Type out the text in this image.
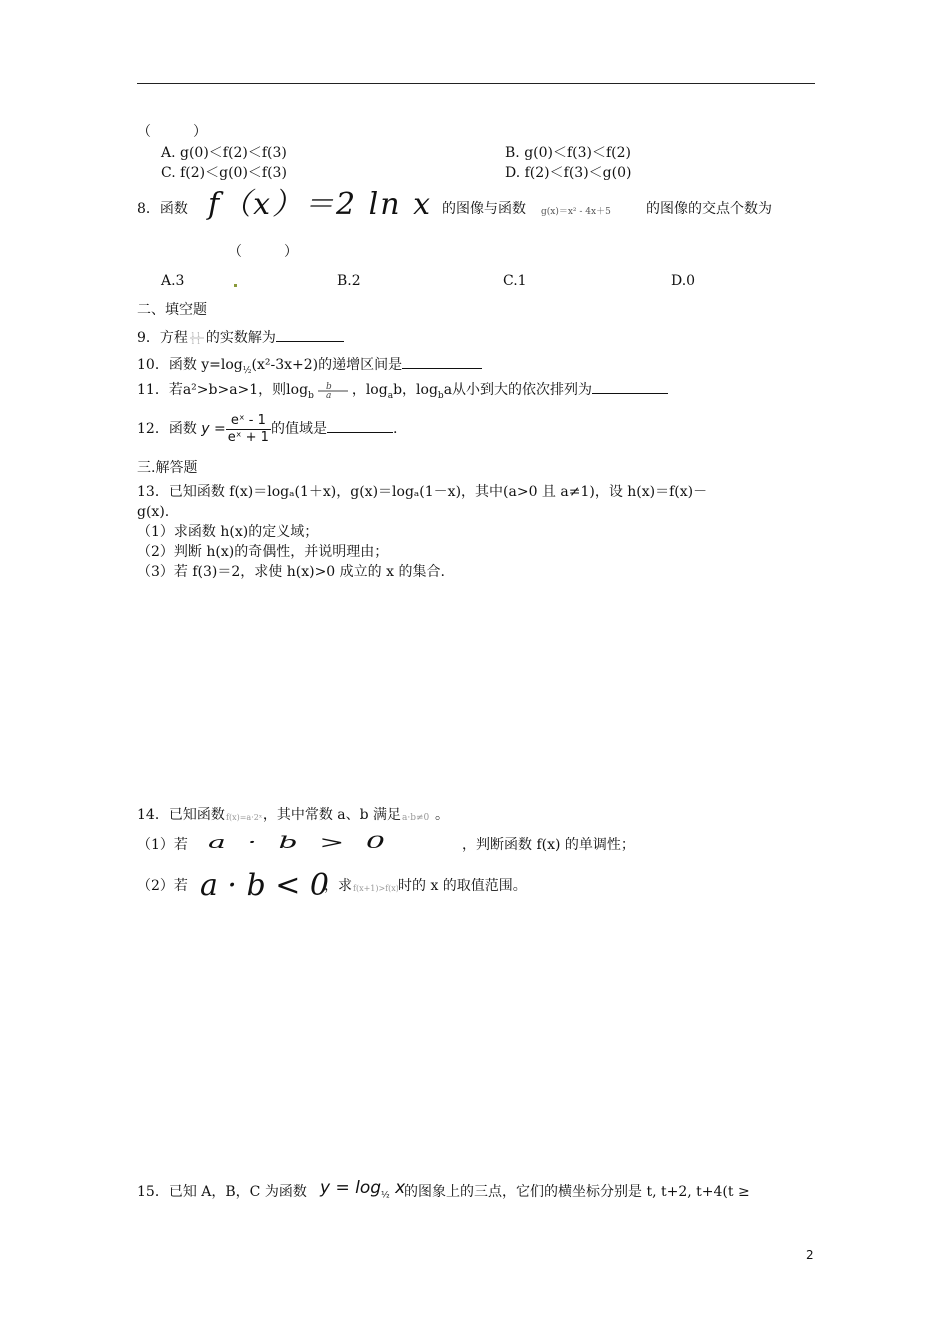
（　　　）
A. g(0)＜f(2)＜f(3)	B. g(0)＜f(3)＜f(2)
C. f(2)＜g(0)＜f(3)	D. f(2)＜f(3)＜g(0)
8．函数 f（x）＝2 ln x 的图像与函数 g(x)＝x² - 4x＋5	的图像的交点个数为
（　　　）
A.3	B.2	C.1	D.0
二、填空题
9．方程 1 1
1 1 的实数解为
10．函数 $y=\log_{\frac{1}{2}}(x^2-3x+2)$的递增区间是
11．若a²>b>a>1，则$\log_b$
b
a ，$\log_ab$，$\log_ba$从小到大的依次排列为
12．函数 $y = \frac{\text{eˣ - 1}}{\text{eˣ + 1}}$ 的值域是	.
三.解答题
13．已知函数 f(x)＝logₐ(1＋x)，g(x)＝logₐ(1－x)，其中(a>0 且 a≠1)，设 h(x)＝f(x)－
g(x).
（1）求函数 h(x)的定义域；
（2）判断 h(x)的奇偶性，并说明理由；
（3）若 f(3)＝2，求使 h(x)>0 成立的 x 的集合.
14．已知函数 f(x)=a·2ˣ ，其中常数 a、b 满足 a·b≠0 。
（1）若 a · b > 0	，判断函数 f(x) 的单调性；
（2）若 a · b < 0
，求 f(x+1)>f(x) 时的 x 的取值范围。
15．已知 A，B，C 为函数 $y = \log_{\frac{1}{2}} x$
的图象上的三点，它们的横坐标分别是 t, t+2, t+4(t ≥
2
